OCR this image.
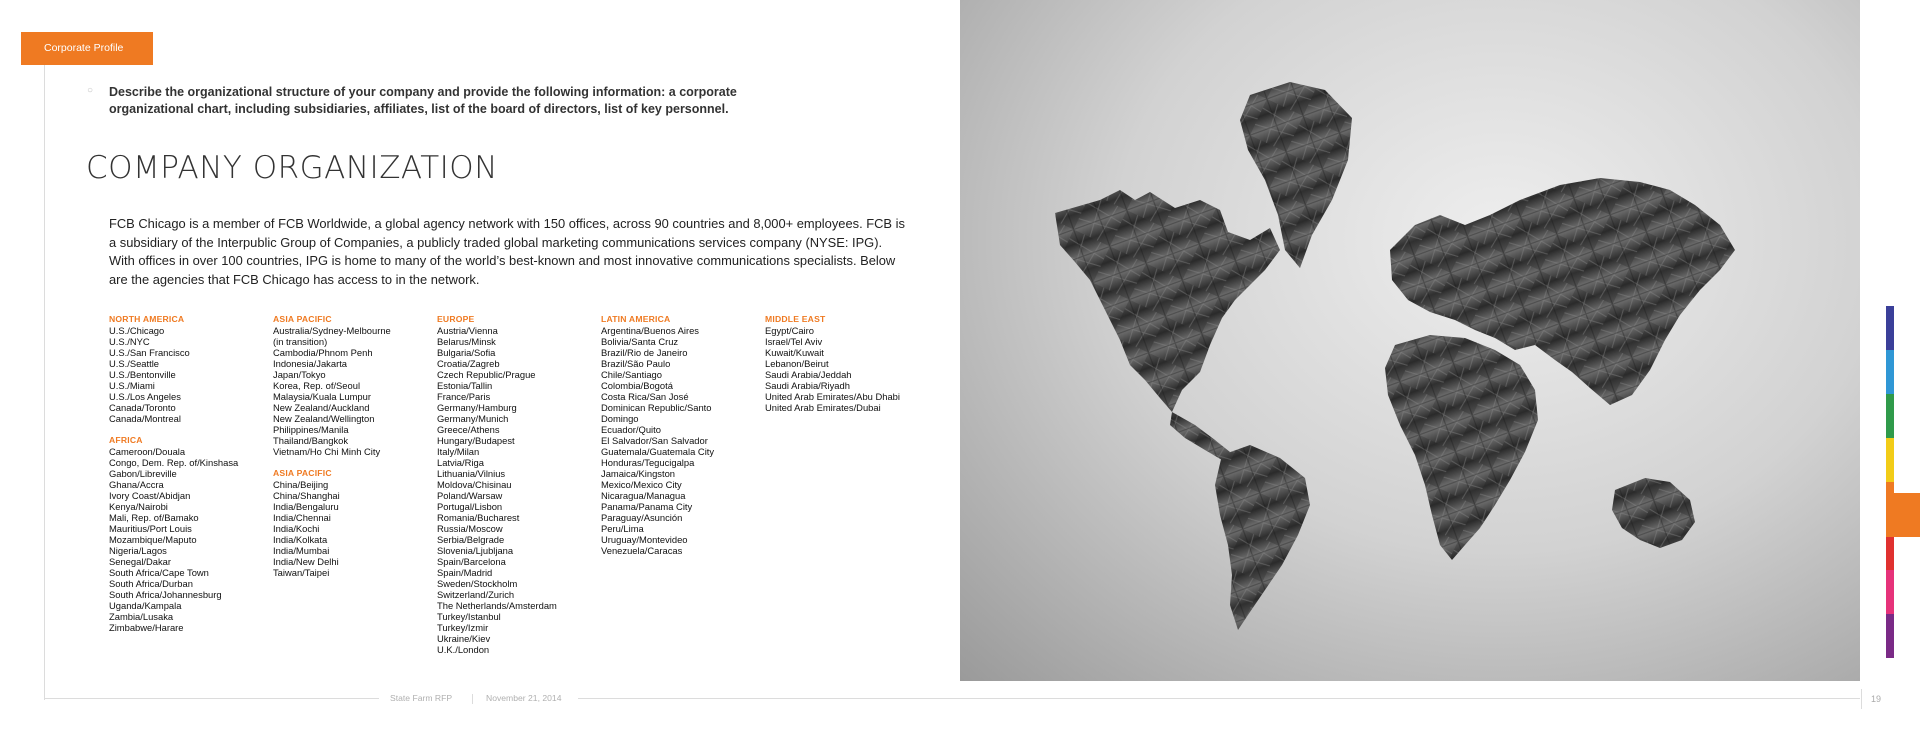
Corporate Profile
○	Describe the organizational structure of your company and provide the following information: a corporate organizational chart, including subsidiaries, affiliates, list of the board of directors, list of key personnel.
COMPANY ORGANIZATION

FCB Chicago is a member of FCB Worldwide, a global agency network with 150 offices, across 90 countries and 8,000+ employees. FCB is a subsidiary of the Interpublic Group of Companies, a publicly traded global marketing communications services company (NYSE: IPG). With offices in over 100 countries, IPG is home to many of the world’s best-known and most innovative communications specialists. Below are the agencies that FCB Chicago has access to in the network.

NORTH AMERICA
U.S./Chicago
U.S./NYC
U.S./San Francisco
U.S./Seattle
U.S./Bentonville
U.S./Miami
U.S./Los Angeles
Canada/Toronto
Canada/Montreal
AFRICA
Cameroon/Douala
Congo, Dem. Rep. of/Kinshasa
Gabon/Libreville
Ghana/Accra
Ivory Coast/Abidjan
Kenya/Nairobi
Mali, Rep. of/Bamako
Mauritius/Port Louis
Mozambique/Maputo
Nigeria/Lagos
Senegal/Dakar
South Africa/Cape Town
South Africa/Durban
South Africa/Johannesburg
Uganda/Kampala
Zambia/Lusaka
Zimbabwe/Harare
ASIA PACIFIC
Australia/Sydney-Melbourne
(in transition)
Cambodia/Phnom Penh
Indonesia/Jakarta
Japan/Tokyo
Korea, Rep. of/Seoul
Malaysia/Kuala Lumpur
New Zealand/Auckland
New Zealand/Wellington
Philippines/Manila
Thailand/Bangkok
Vietnam/Ho Chi Minh City
ASIA PACIFIC
China/Beijing
China/Shanghai
India/Bengaluru
India/Chennai
India/Kochi
India/Kolkata
India/Mumbai
India/New Delhi
Taiwan/Taipei
EUROPE
Austria/Vienna
Belarus/Minsk
Bulgaria/Sofia
Croatia/Zagreb
Czech Republic/Prague
Estonia/Tallin
France/Paris
Germany/Hamburg
Germany/Munich
Greece/Athens
Hungary/Budapest
Italy/Milan
Latvia/Riga
Lithuania/Vilnius
Moldova/Chisinau
Poland/Warsaw
Portugal/Lisbon
Romania/Bucharest
Russia/Moscow
Serbia/Belgrade
Slovenia/Ljubljana
Spain/Barcelona
Spain/Madrid
Sweden/Stockholm
Switzerland/Zurich
The Netherlands/Amsterdam
Turkey/Istanbul
Turkey/Izmir
Ukraine/Kiev
U.K./London
LATIN AMERICA
Argentina/Buenos Aires
Bolivia/Santa Cruz
Brazil/Rio de Janeiro
Brazil/São Paulo
Chile/Santiago
Colombia/Bogotá
Costa Rica/San José
Dominican Republic/Santo
Domingo
Ecuador/Quito
El Salvador/San Salvador
Guatemala/Guatemala City
Honduras/Tegucigalpa
Jamaica/Kingston
Mexico/Mexico City
Nicaragua/Managua
Panama/Panama City
Paraguay/Asunción
Peru/Lima
Uruguay/Montevideo
Venezuela/Caracas
MIDDLE EAST
Egypt/Cairo
Israel/Tel Aviv
Kuwait/Kuwait
Lebanon/Beirut
Saudi Arabia/Jeddah
Saudi Arabia/Riyadh
United Arab Emirates/Abu Dhabi
United Arab Emirates/Dubai
State Farm RFP	November 21, 2014	19
